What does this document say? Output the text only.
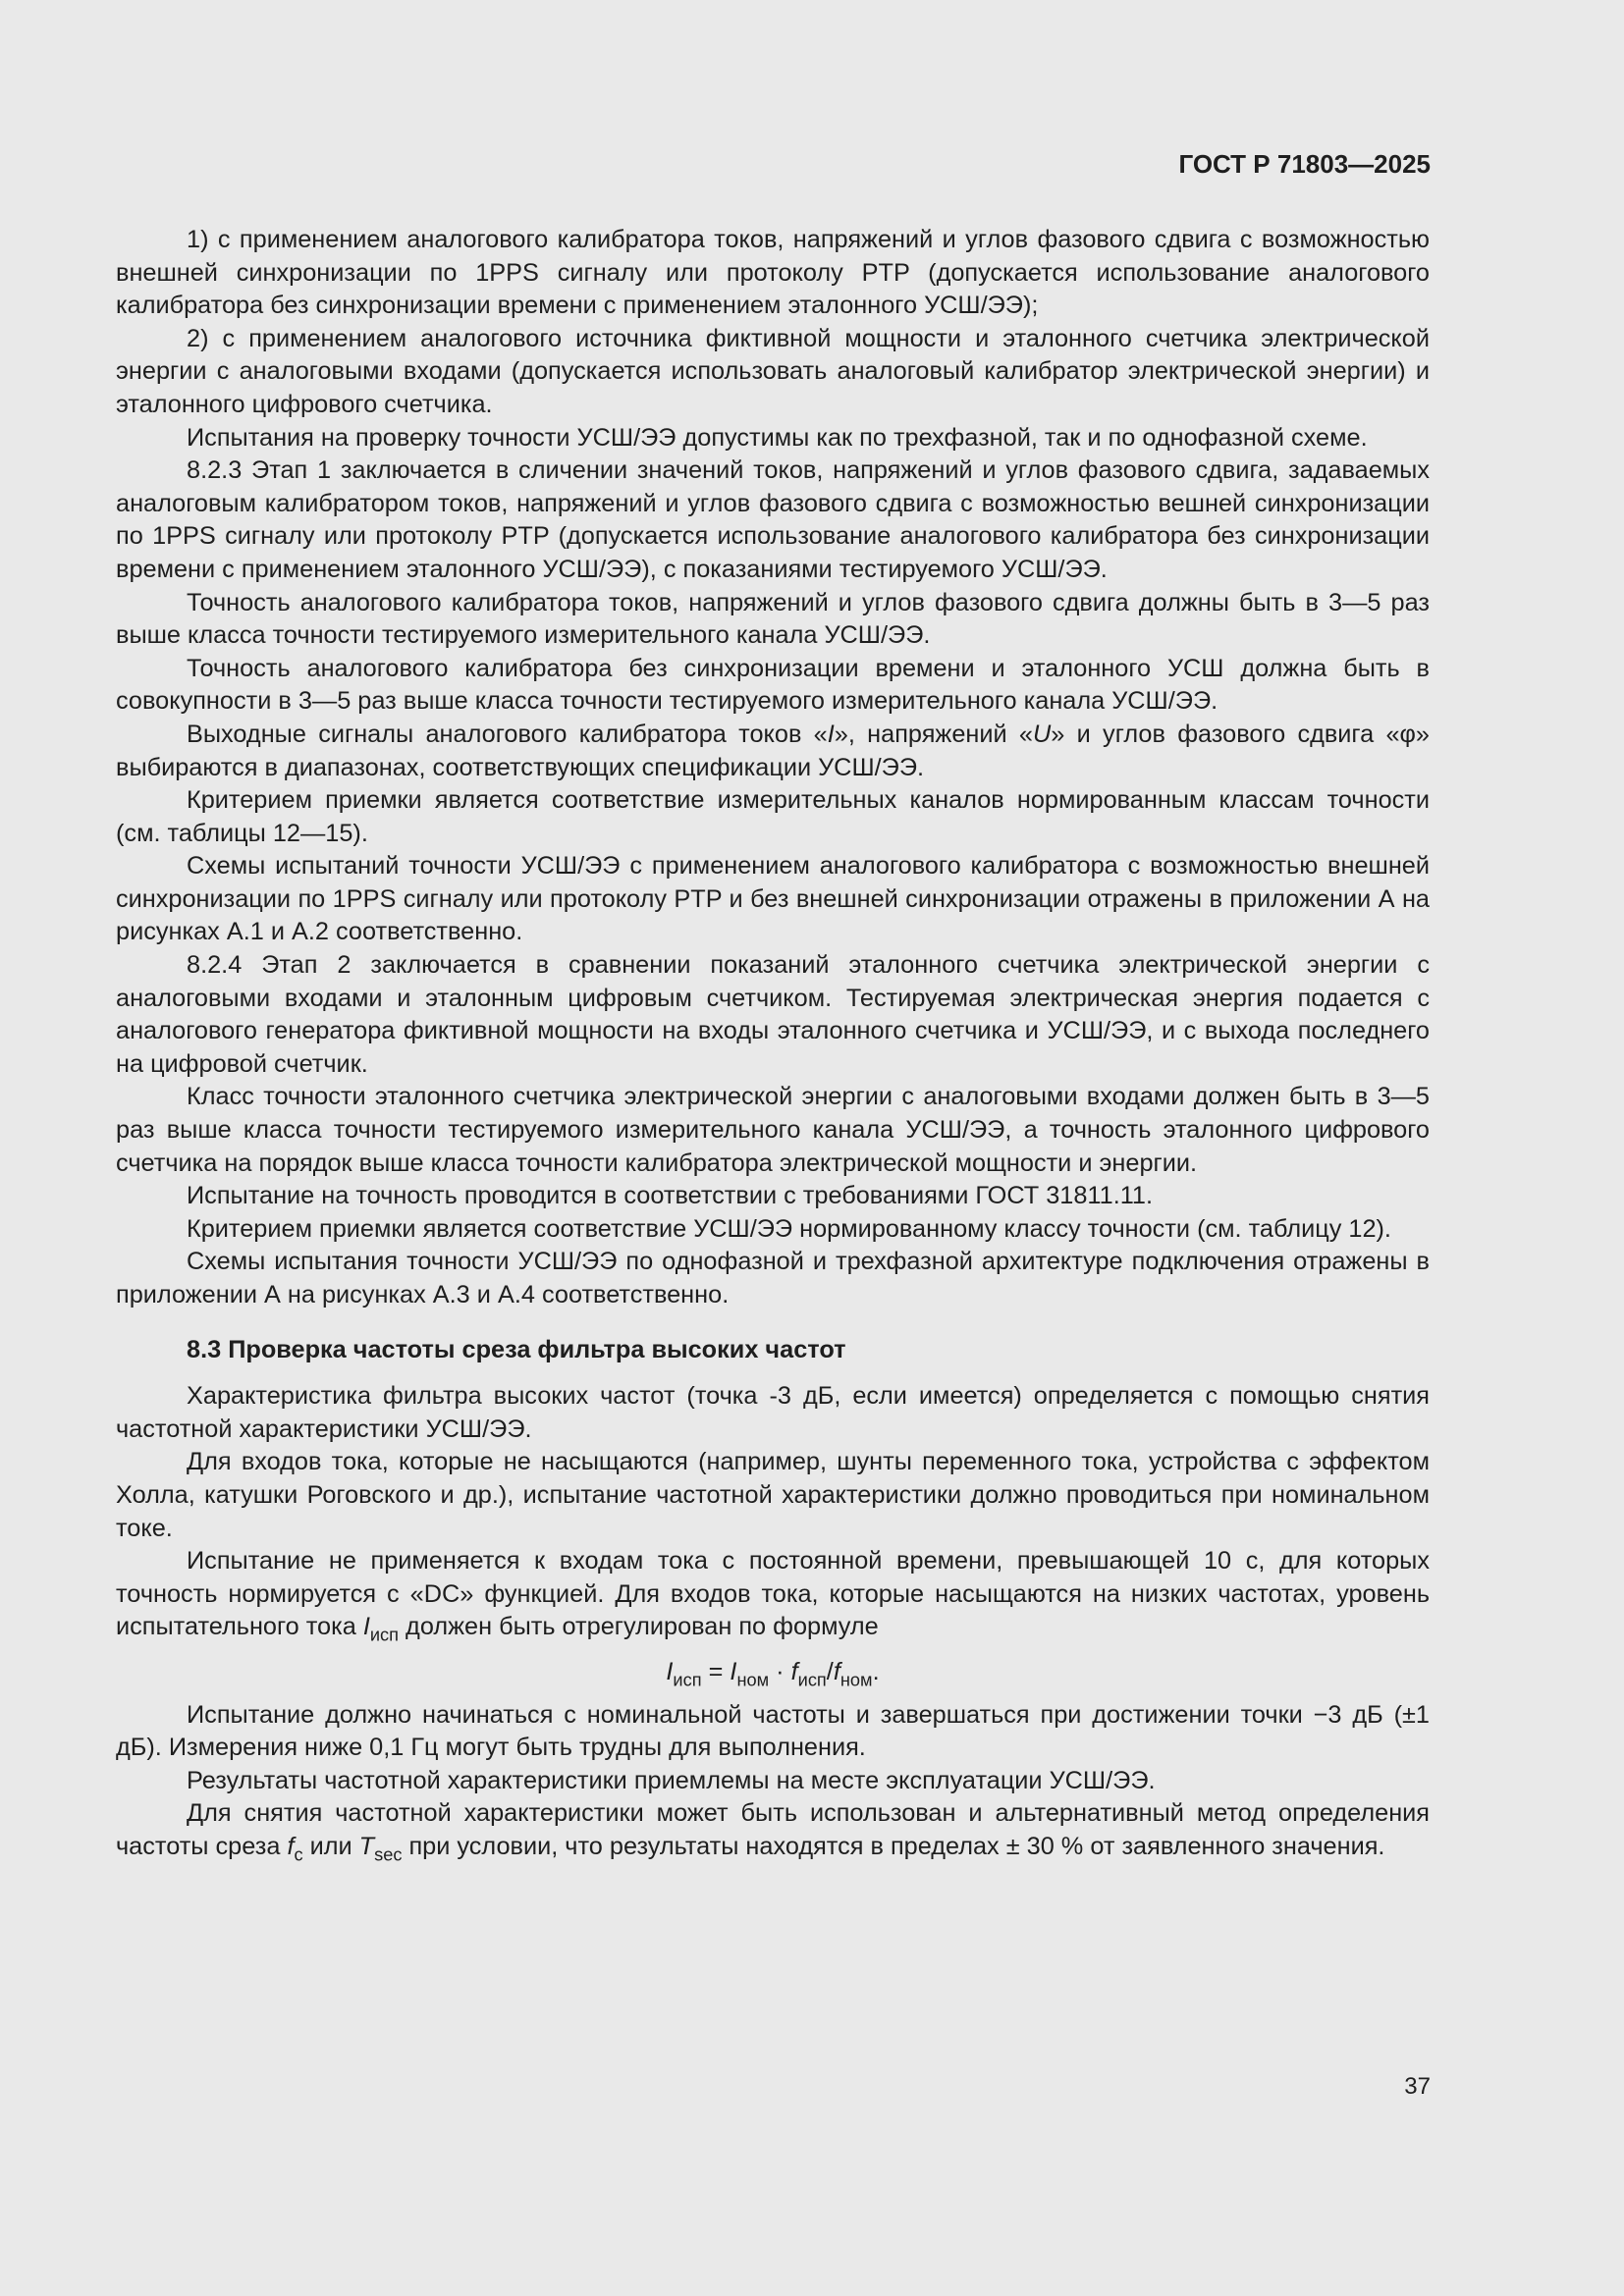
ГОСТ Р 71803—2025

1) с применением аналогового калибратора токов, напряжений и углов фазового сдвига с возможностью внешней синхронизации по 1PPS сигналу или протоколу PTP (допускается использование аналогового калибратора без синхронизации времени с применением эталонного УСШ/ЭЭ);

2) с применением аналогового источника фиктивной мощности и эталонного счетчика электрической энергии с аналоговыми входами (допускается использовать аналоговый калибратор электрической энергии) и эталонного цифрового счетчика.

Испытания на проверку точности УСШ/ЭЭ допустимы как по трехфазной, так и по однофазной схеме.

8.2.3 Этап 1 заключается в сличении значений токов, напряжений и углов фазового сдвига, задаваемых аналоговым калибратором токов, напряжений и углов фазового сдвига с возможностью вешней синхронизации по 1PPS сигналу или протоколу PTP (допускается использование аналогового калибратора без синхронизации времени с применением эталонного УСШ/ЭЭ), с показаниями тестируемого УСШ/ЭЭ.

Точность аналогового калибратора токов, напряжений и углов фазового сдвига должны быть в 3—5 раз выше класса точности тестируемого измерительного канала УСШ/ЭЭ.

Точность аналогового калибратора без синхронизации времени и эталонного УСШ должна быть в совокупности в 3—5 раз выше класса точности тестируемого измерительного канала УСШ/ЭЭ.

Выходные сигналы аналогового калибратора токов «I», напряжений «U» и углов фазового сдвига «φ» выбираются в диапазонах, соответствующих спецификации УСШ/ЭЭ.

Критерием приемки является соответствие измерительных каналов нормированным классам точности (см. таблицы 12—15).

Схемы испытаний точности УСШ/ЭЭ с применением аналогового калибратора с возможностью внешней синхронизации по 1PPS сигналу или протоколу PTP и без внешней синхронизации отражены в приложении А на рисунках А.1 и А.2 соответственно.

8.2.4 Этап 2 заключается в сравнении показаний эталонного счетчика электрической энергии с аналоговыми входами и эталонным цифровым счетчиком. Тестируемая электрическая энергия подается с аналогового генератора фиктивной мощности на входы эталонного счетчика и УСШ/ЭЭ, и с выхода последнего на цифровой счетчик.

Класс точности эталонного счетчика электрической энергии с аналоговыми входами должен быть в 3—5 раз выше класса точности тестируемого измерительного канала УСШ/ЭЭ, а точность эталонного цифрового счетчика на порядок выше класса точности калибратора электрической мощности и энергии.

Испытание на точность проводится в соответствии с требованиями ГОСТ 31811.11.

Критерием приемки является соответствие УСШ/ЭЭ нормированному классу точности (см. таблицу 12).

Схемы испытания точности УСШ/ЭЭ по однофазной и трехфазной архитектуре подключения отражены в приложении А на рисунках А.3 и А.4 соответственно.

8.3 Проверка частоты среза фильтра высоких частот

Характеристика фильтра высоких частот (точка -3 дБ, если имеется) определяется с помощью снятия частотной характеристики УСШ/ЭЭ.

Для входов тока, которые не насыщаются (например, шунты переменного тока, устройства с эффектом Холла, катушки Роговского и др.), испытание частотной характеристики должно проводиться при номинальном токе.

Испытание не применяется к входам тока с постоянной времени, превышающей 10 с, для которых точность нормируется с «DC» функцией. Для входов тока, которые насыщаются на низких частотах, уровень испытательного тока $I_{исп}$ должен быть отрегулирован по формуле

$I_{исп} = I_{ном} \cdot f_{исп}/f_{ном}$.

Испытание должно начинаться с номинальной частоты и завершаться при достижении точки −3 дБ (±1 дБ). Измерения ниже 0,1 Гц могут быть трудны для выполнения.

Результаты частотной характеристики приемлемы на месте эксплуатации УСШ/ЭЭ.

Для снятия частотной характеристики может быть использован и альтернативный метод определения частоты среза $f_с$ или $T_{sec}$ при условии, что результаты находятся в пределах ± 30 % от заявленного значения.

37
